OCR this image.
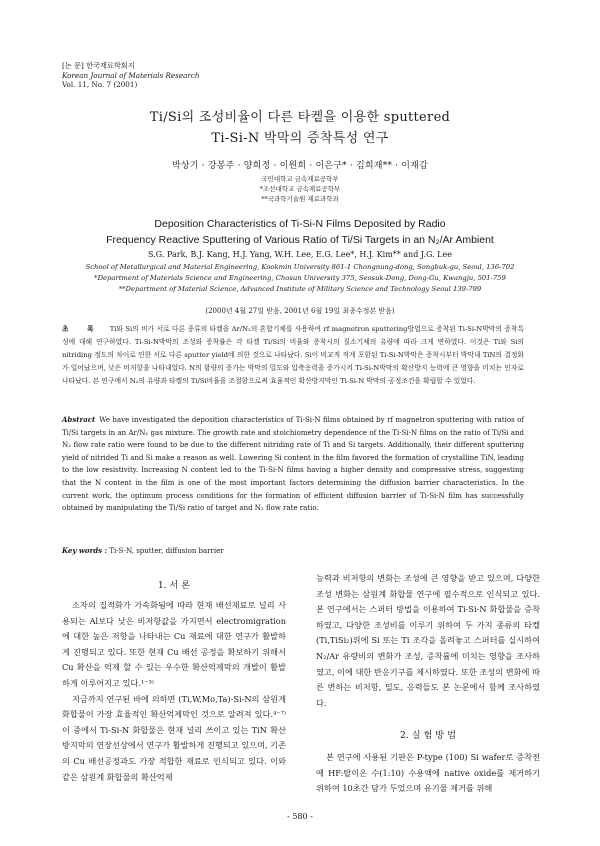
[논 문] 한국재료학회지
Korean Journal of Materials Research
Vol. 11, No. 7 (2001)
Ti/Si의 조성비율이 다른 타켙을 이용한 sputtered
Ti-Si-N 박막의 증착특성 연구
박상기 · 강봉주 · 양희정 · 이원희 · 이은구* · 김희재** · 이재갑
국민대학교 금속재료공학부
*조선대학교 금속재료공학부
**국과학기술원 재료과학과
Deposition Characteristics of Ti-Si-N Films Deposited by Radio
Frequency Reactive Sputtering of Various Ratio of Ti/Si Targets in an N₂/Ar Ambient
S.G. Park, B.J. Kang, H.J. Yang, W.H. Lee, E.G. Lee*, H.J. Kim** and J.G. Lee
School of Metallurgical and Material Engineering, Kookmin University 861-1 Chongnung-dong, Songbuk-gu, Seoul, 136-702
*Department of Materials Science and Engineering, Chosun University 375, Seosuk-Dong, Dong-Gu, Kwangju, 501-759
**Department of Material Science, Advanced Institute of Military Science and Technology Seoul 139-799
(2000년 4월 27일 받음, 2001년 6월 19일 최종수정본 받음)
초 록 Ti와 Si의 비가 서로 다른 종류의 타켙을 Ar/N₂의 혼합기체를 사용하여 rf magnetron sputtering방법으로 증착된 Ti-Si-N박막의 증착특성에 대해 연구하였다. Ti-Si-N박막의 조성와 증착률은 각 타켙 Ti/Si의 비율와 증착시의 질소기체의 유량에 따라 크게 변하였다. 이것은 Ti와 Si의 nitriding 정도의 차이로 인한 서로 다른 sputter yield에 의한 것으로 나타났다. Si이 비교적 적게 포함된 Ti-Si-N박막은 증착시부터 박막내 TiN의 결정화가 일어났으며, 낮은 비저항을 나타내었다. N의 함량의 증가는 박막의 밀도와 압축응력을 증가시켜 Ti-Si-N박막의 확산방지 능력에 큰 영향을 미치는 인자로 나타났다. 본 연구에서 N₂의 유량과 타켙의 Ti/Si비율을 조절함으로써 효율적인 확산방지막인 Ti-Si-N 박막의 공정조건을 확립할 수 있었다.
Abstract We have investigated the deposition characteristics of Ti-Si-N films obtained by rf magnetron sputtering with ratios of Ti/Si targets in an Ar/N₂ gas mixture. The growth rate and stoichiometry dependence of the Ti-Si-N films on the ratio of Ti/Si and N₂ flow rate ratio were found to be due to the different nitriding rate of Ti and Si targets. Additionally, their different sputtering yield of nitrided Ti and Si make a reason as well. Lowering Si content in the film favored the formation of crystalline TiN, leading to the low resistivity. Increasing N content led to the Ti-Si-N films having a higher density and compressive stress, suggesting that the N content in the film is one of the most important factors determining the diffusion barrier characteristics. In the current work, the optimum process conditions for the formation of efficient diffusion barrier of Ti-Si-N film has successfully obtained by manipulating the Ti/Si ratio of target and N₂ flow rate ratio.
Key words : Ti-S-N, sputter, diffusion barrier
1. 서 론

소자의 집적화가 가속화됨에 따라 현재 배선재료로 널리 사용되는 Al보다 낮은 비저항값을 가지면서 electromigration에 대한 높은 저항을 나타내는 Cu 재료에 대한 연구가 활발하게 진행되고 있다. 또한 현재 Cu 배선 공정을 확보하기 위해서 Cu 확산을 억제 할 수 있는 우수한 확산억제막의 개발이 활발하게 이루어지고 있다.¹⁻³⁾

지금까지 연구된 바에 의하면 (Ti,W,Mo,Ta)-Si-N의 삼원계 화합물이 가장 효율적인 확산억제막인 것으로 알려져 있다.⁴⁻⁷⁾ 이 중에서 Ti-Si-N 화합물은 현재 널리 쓰이고 있는 TiN 확산방지막의 연장선상에서 연구가 활발하게 진행되고 있으며, 기존의 Cu 배선공정과도 가장 적합한 재료로 인식되고 있다. 이와 같은 삼원계 화합물의 확산억제

능력과 비저항의 변화는 조성에 큰 영향을 받고 있으며, 다양한 조성 변화는 삼원계 화합물 연구에 필수적으로 인식되고 있다. 본 연구에서는 스퍼터 방법을 이용하여 Ti-Si-N 화합물을 증착하였고, 다양한 조성비를 이루기 위하여 두 가지 종류의 타켙(Ti,TiSi₂)위에 Si 또는 Ti 조각을 올려놓고 스퍼터를 실시하여 N₂/Ar 유량비의 변화가 조성, 증착률에 미치는 영향을 조사하였고, 이에 대한 반응기구를 제시하였다. 또한 조성의 변화에 따른 변하는 비저항, 밀도, 응력들도 본 논문에서 함께 조사하였다.

2. 실 험 방 법

본 연구에 사용된 기판은 P-type (100) Si wafer로 증착전에 HF:탈이온 수(1:10) 수용액에 native oxide를 제거하기 위하여 10초간 담가 두었으며 유기물 제거를 위해

- 580 -
